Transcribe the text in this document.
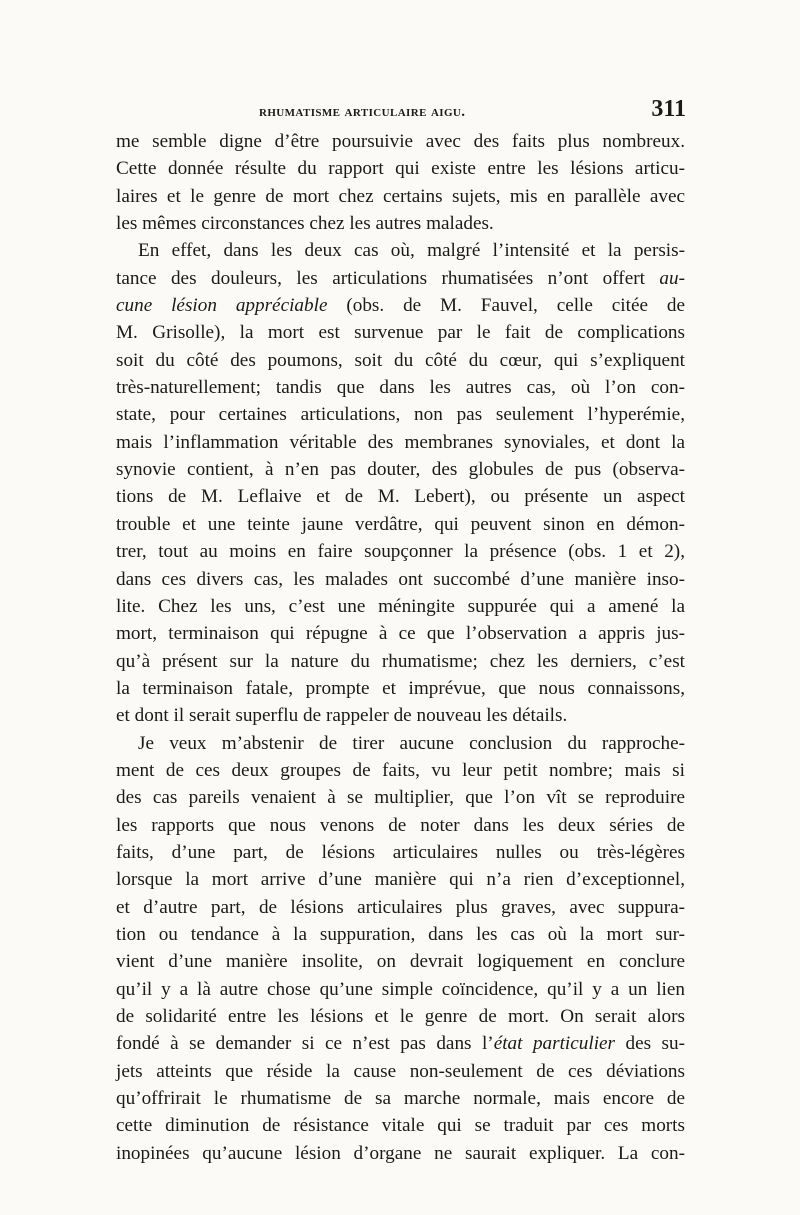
rhumatisme articulaire aigu.	311
me semble digne d’être poursuivie avec des faits plus nombreux.
Cette donnée résulte du rapport qui existe entre les lésions articu-
laires et le genre de mort chez certains sujets, mis en parallèle avec
les mêmes circonstances chez les autres malades.
En effet, dans les deux cas où, malgré l’intensité et la persis-
tance des douleurs, les articulations rhumatisées n’ont offert au-
cune lésion appréciable (obs. de M. Fauvel, celle citée de
M. Grisolle), la mort est survenue par le fait de complications
soit du côté des poumons, soit du côté du cœur, qui s’expliquent
très-naturellement; tandis que dans les autres cas, où l’on con-
state, pour certaines articulations, non pas seulement l’hyperémie,
mais l’inflammation véritable des membranes synoviales, et dont la
synovie contient, à n’en pas douter, des globules de pus (observa-
tions de M. Leflaive et de M. Lebert), ou présente un aspect
trouble et une teinte jaune verdâtre, qui peuvent sinon en démon-
trer, tout au moins en faire soupçonner la présence (obs. 1 et 2),
dans ces divers cas, les malades ont succombé d’une manière inso-
lite. Chez les uns, c’est une méningite suppurée qui a amené la
mort, terminaison qui répugne à ce que l’observation a appris jus-
qu’à présent sur la nature du rhumatisme; chez les derniers, c’est
la terminaison fatale, prompte et imprévue, que nous connaissons,
et dont il serait superflu de rappeler de nouveau les détails.
Je veux m’abstenir de tirer aucune conclusion du rapproche-
ment de ces deux groupes de faits, vu leur petit nombre; mais si
des cas pareils venaient à se multiplier, que l’on vît se reproduire
les rapports que nous venons de noter dans les deux séries de
faits, d’une part, de lésions articulaires nulles ou très-légères
lorsque la mort arrive d’une manière qui n’a rien d’exceptionnel,
et d’autre part, de lésions articulaires plus graves, avec suppura-
tion ou tendance à la suppuration, dans les cas où la mort sur-
vient d’une manière insolite, on devrait logiquement en conclure
qu’il y a là autre chose qu’une simple coïncidence, qu’il y a un lien
de solidarité entre les lésions et le genre de mort. On serait alors
fondé à se demander si ce n’est pas dans l’état particulier des su-
jets atteints que réside la cause non-seulement de ces déviations
qu’offrirait le rhumatisme de sa marche normale, mais encore de
cette diminution de résistance vitale qui se traduit par ces morts
inopinées qu’aucune lésion d’organe ne saurait expliquer. La con-
